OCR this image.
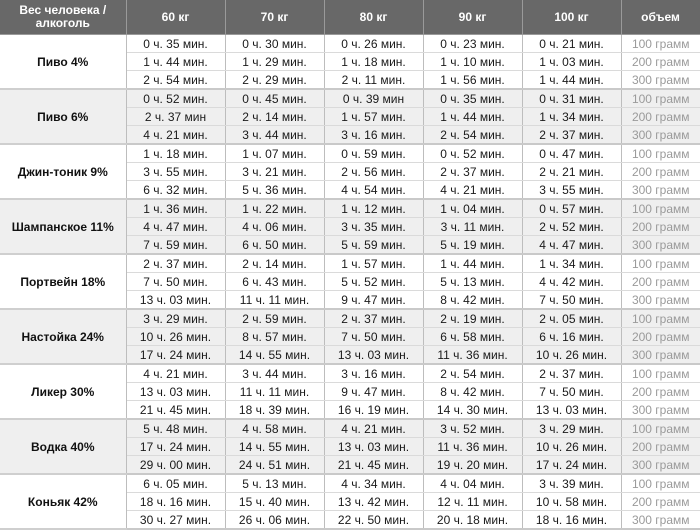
Вес человека /
алкоголь	60 кг	70 кг	80 кг	90 кг	100 кг	объем
Пиво 4%	0 ч. 35 мин.	0 ч. 30 мин.	0 ч. 26 мин.	0 ч. 23 мин.	0 ч. 21 мин.	100 грамм
	1 ч. 44 мин.	1 ч. 29 мин.	1 ч. 18 мин.	1 ч. 10 мин.	1 ч. 03 мин.	200 грамм
	2 ч. 54 мин.	2 ч. 29 мин.	2 ч. 11 мин.	1 ч. 56 мин.	1 ч. 44 мин.	300 грамм
Пиво 6%	0 ч. 52 мин.	0 ч. 45 мин.	0 ч. 39 мин	0 ч. 35 мин.	0 ч. 31 мин.	100 грамм
	2 ч. 37 мин	2 ч. 14 мин.	1 ч. 57 мин.	1 ч. 44 мин.	1 ч. 34 мин.	200 грамм
	4 ч. 21 мин.	3 ч. 44 мин.	3 ч. 16 мин.	2 ч. 54 мин.	2 ч. 37 мин.	300 грамм
Джин-тоник 9%	1 ч. 18 мин.	1 ч. 07 мин.	0 ч. 59 мин.	0 ч. 52 мин.	0 ч. 47 мин.	100 грамм
	3 ч. 55 мин.	3 ч. 21 мин.	2 ч. 56 мин.	2 ч. 37 мин.	2 ч. 21 мин.	200 грамм
	6 ч. 32 мин.	5 ч. 36 мин.	4 ч. 54 мин.	4 ч. 21 мин.	3 ч. 55 мин.	300 грамм
Шампанское 11%	1 ч. 36 мин.	1 ч. 22 мин.	1 ч. 12 мин.	1 ч. 04 мин.	0 ч. 57 мин.	100 грамм
	4 ч. 47 мин.	4 ч. 06 мин.	3 ч. 35 мин.	3 ч. 11 мин.	2 ч. 52 мин.	200 грамм
	7 ч. 59 мин.	6 ч. 50 мин.	5 ч. 59 мин.	5 ч. 19 мин.	4 ч. 47 мин.	300 грамм
Портвейн 18%	2 ч. 37 мин.	2 ч. 14 мин.	1 ч. 57 мин.	1 ч. 44 мин.	1 ч. 34 мин.	100 грамм
	7 ч. 50 мин.	6 ч. 43 мин.	5 ч. 52 мин.	5 ч. 13 мин.	4 ч. 42 мин.	200 грамм
	13 ч. 03 мин.	11 ч. 11 мин.	9 ч. 47 мин.	8 ч. 42 мин.	7 ч. 50 мин.	300 грамм
Настойка 24%	3 ч. 29 мин.	2 ч. 59 мин.	2 ч. 37 мин.	2 ч. 19 мин.	2 ч. 05 мин.	100 грамм
	10 ч. 26 мин.	8 ч. 57 мин.	7 ч. 50 мин.	6 ч. 58 мин.	6 ч. 16 мин.	200 грамм
	17 ч. 24 мин.	14 ч. 55 мин.	13 ч. 03 мин.	11 ч. 36 мин.	10 ч. 26 мин.	300 грамм
Ликер 30%	4 ч. 21 мин.	3 ч. 44 мин.	3 ч. 16 мин.	2 ч. 54 мин.	2 ч. 37 мин.	100 грамм
	13 ч. 03 мин.	11 ч. 11 мин.	9 ч. 47 мин.	8 ч. 42 мин.	7 ч. 50 мин.	200 грамм
	21 ч. 45 мин.	18 ч. 39 мин.	16 ч. 19 мин.	14 ч. 30 мин.	13 ч. 03 мин.	300 грамм
Водка 40%	5 ч. 48 мин.	4 ч. 58 мин.	4 ч. 21 мин.	3 ч. 52 мин.	3 ч. 29 мин.	100 грамм
	17 ч. 24 мин.	14 ч. 55 мин.	13 ч. 03 мин.	11 ч. 36 мин.	10 ч. 26 мин.	200 грамм
	29 ч. 00 мин.	24 ч. 51 мин.	21 ч. 45 мин.	19 ч. 20 мин.	17 ч. 24 мин.	300 грамм
Коньяк 42%	6 ч. 05 мин.	5 ч. 13 мин.	4 ч. 34 мин.	4 ч. 04 мин.	3 ч. 39 мин.	100 грамм
	18 ч. 16 мин.	15 ч. 40 мин.	13 ч. 42 мин.	12 ч. 11 мин.	10 ч. 58 мин.	200 грамм
	30 ч. 27 мин.	26 ч. 06 мин.	22 ч. 50 мин.	20 ч. 18 мин.	18 ч. 16 мин.	300 грамм
